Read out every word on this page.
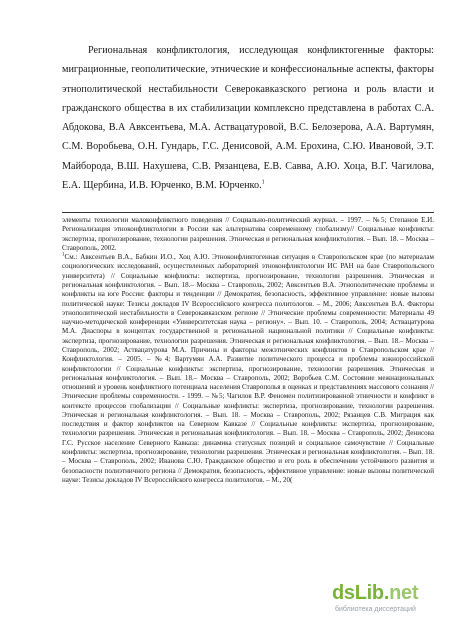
Региональная конфликтология, исследующая конфликтогенные факторы: миграционные, геополитические, этнические и конфессиональные аспекты, факторы этнополитической нестабильности Северокавказского региона и роль власти и гражданского общества в их стабилизации комплексно представлена в работах С.А. Абдокова, В.А Авксентьева, М.А. Аствацатуровой, В.С. Белозерова, А.А. Вартумян, С.М. Воробьева, О.Н. Гундарь, Г.С. Денисовой, А.М. Ерохина, С.Ю. Ивановой, Э.Т. Майборода, В.Ш. Нахушева, С.В. Рязанцева, Е.В. Савва, А.Ю. Хоца, В.Г. Чагилова, Е.А. Щербина, И.В. Юрченко, В.М. Юрченко.$^1$

элементы технологии малоконфликтного поведения // Социально-политический журнал. – 1997. – №5; Степанов Е.И. Регионализация этноконфликтологии в России как альтернатива современному глобализму// Социальные конфликты: экспертиза, прогнозирование, технологии разрешения. Этническая и региональная конфликтология. – Вып. 18. – Москва – Ставрополь, 2002.

$^1$См.: Авксентьев В.А., Бабкин И.О., Хоц А.Ю. Этноконфликтогенная ситуация в Ставропольском крае (по материалам социологических исследований, осуществленных лабораторией этноконфликтологии ИС РАН на базе Ставропольского университета) // Социальные конфликты: экспертиза, прогнозирование, технологии разрешения. Этническая и региональная конфликтология. – Вып. 18.– Москва – Ставрополь, 2002; Авксентьев В.А. Этнополитические проблемы и конфликты на юге России: факторы и тенденции // Демократия, безопасность, эффективное управление: новые вызовы политической науке: Тезисы докладов IV Всероссийского конгресса политологов. – М., 2006; Авксентьев В.А. Факторы этнополитической нестабильности в Северокавказском регионе // Этнические проблемы современности: Материалы 49 научно-методической конференции «Университетская наука – региону». – Вып. 10. – Ставрополь, 2004; Аствацатурова М.А. Диаспоры в концептах государственной и региональной национальной политики // Социальные конфликты: экспертиза, прогнозирование, технологии разрешения. Этническая и региональная конфликтология. – Вып. 18.– Москва – Ставрополь, 2002; Аствацатурова М.А. Причины и факторы межэтнических конфликтов в Ставропольском крае // Конфликтология. – 2005. – №4; Вартумян А.А. Развитие политического процесса и проблемы южнороссийской конфликтологии // Социальные конфликты: экспертиза, прогнозирование, технологии разрешения. Этническая и региональная конфликтология. – Вып. 18.– Москва – Ставрополь, 2002; Воробьев С.М. Состояние межнациональных отношений и уровень конфликтного потенциала населения Ставрополья в оценках и представлениях массового сознания // Этнические проблемы современности. - 1999. – №5; Чагилов В.Р. Феномен политизированной этничности и конфликт в контексте процессов глобализации // Социальные конфликты: экспертиза, прогнозирование, технологии разрешения. Этническая и региональная конфликтология. – Вып. 18. – Москва – Ставрополь, 2002; Рязанцев С.В. Миграция как последствия и фактор конфликтов на Северном Кавказе // Социальные конфликты: экспертиза, прогнозирование, технологии разрешения. Этническая и региональная конфликтология. – Вып. 18. – Москва – Ставрополь, 2002; Денисова Г.С. Русское население Северного Кавказа: динамика статусных позиций и социальное самочувствие // Социальные конфликты: экспертиза, прогнозирование, технологии разрешения. Этническая и региональная конфликтология. – Вып. 18. – Москва – Ставрополь, 2002; Иванова С.Ю. Гражданское общество и его роль в обеспечении устойчивого развития и безопасности полиэтничного региона // Демократия, безопасность, эффективное управление: новые вызовы политической науке: Тезисы докладов IV Всероссийского конгресса политологов. – М., 20(

dsLib.net
библиотека диссертаций
